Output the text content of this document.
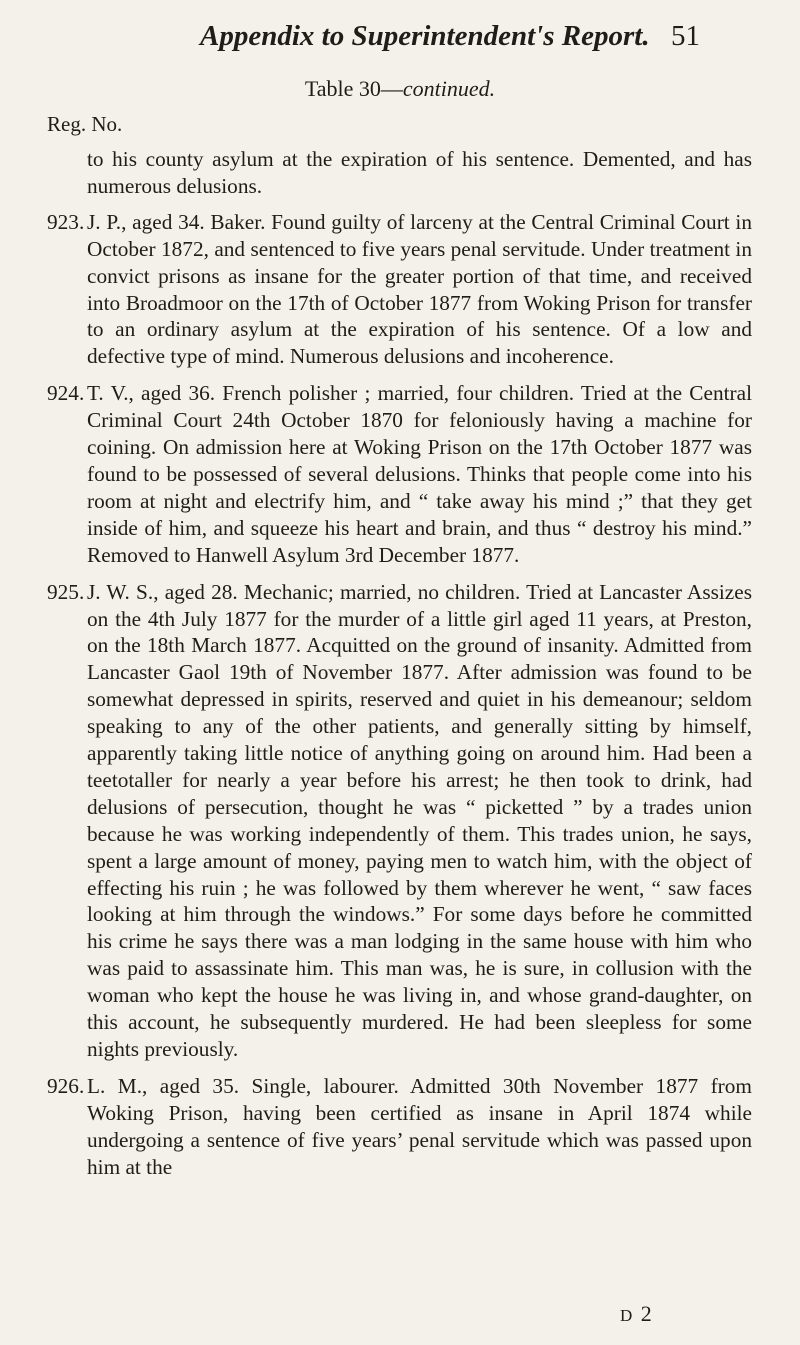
Appendix to Superintendent's Report. 51
Table 30—continued.
Reg. No.

to his county asylum at the expiration of his sentence. Demented, and has numerous delusions.

923. J. P., aged 34. Baker. Found guilty of larceny at the Central Criminal Court in October 1872, and sentenced to five years penal servitude. Under treatment in convict prisons as insane for the greater portion of that time, and received into Broadmoor on the 17th of October 1877 from Woking Prison for transfer to an ordinary asylum at the expiration of his sentence. Of a low and defective type of mind. Numerous delusions and incoherence.
924. T. V., aged 36. French polisher ; married, four children. Tried at the Central Criminal Court 24th October 1870 for feloniously having a machine for coining. On admission here at Woking Prison on the 17th October 1877 was found to be possessed of several delusions. Thinks that people come into his room at night and electrify him, and “ take away his mind ;” that they get inside of him, and squeeze his heart and brain, and thus “ destroy his mind.” Removed to Hanwell Asylum 3rd December 1877.
925. J. W. S., aged 28. Mechanic; married, no children. Tried at Lancaster Assizes on the 4th July 1877 for the murder of a little girl aged 11 years, at Preston, on the 18th March 1877. Acquitted on the ground of insanity. Admitted from Lancaster Gaol 19th of November 1877. After admission was found to be somewhat depressed in spirits, reserved and quiet in his demeanour; seldom speaking to any of the other patients, and generally sitting by himself, apparently taking little notice of anything going on around him. Had been a teetotaller for nearly a year before his arrest; he then took to drink, had delusions of persecution, thought he was “ picketted ” by a trades union because he was working independently of them. This trades union, he says, spent a large amount of money, paying men to watch him, with the object of effecting his ruin ; he was followed by them wherever he went, “ saw faces looking at him through the windows.” For some days before he committed his crime he says there was a man lodging in the same house with him who was paid to assassinate him. This man was, he is sure, in collusion with the woman who kept the house he was living in, and whose grand-daughter, on this account, he subsequently murdered. He had been sleepless for some nights previously.
926. L. M., aged 35. Single, labourer. Admitted 30th November 1877 from Woking Prison, having been certified as insane in April 1874 while undergoing a sentence of five years’ penal servitude which was passed upon him at the
D 2
